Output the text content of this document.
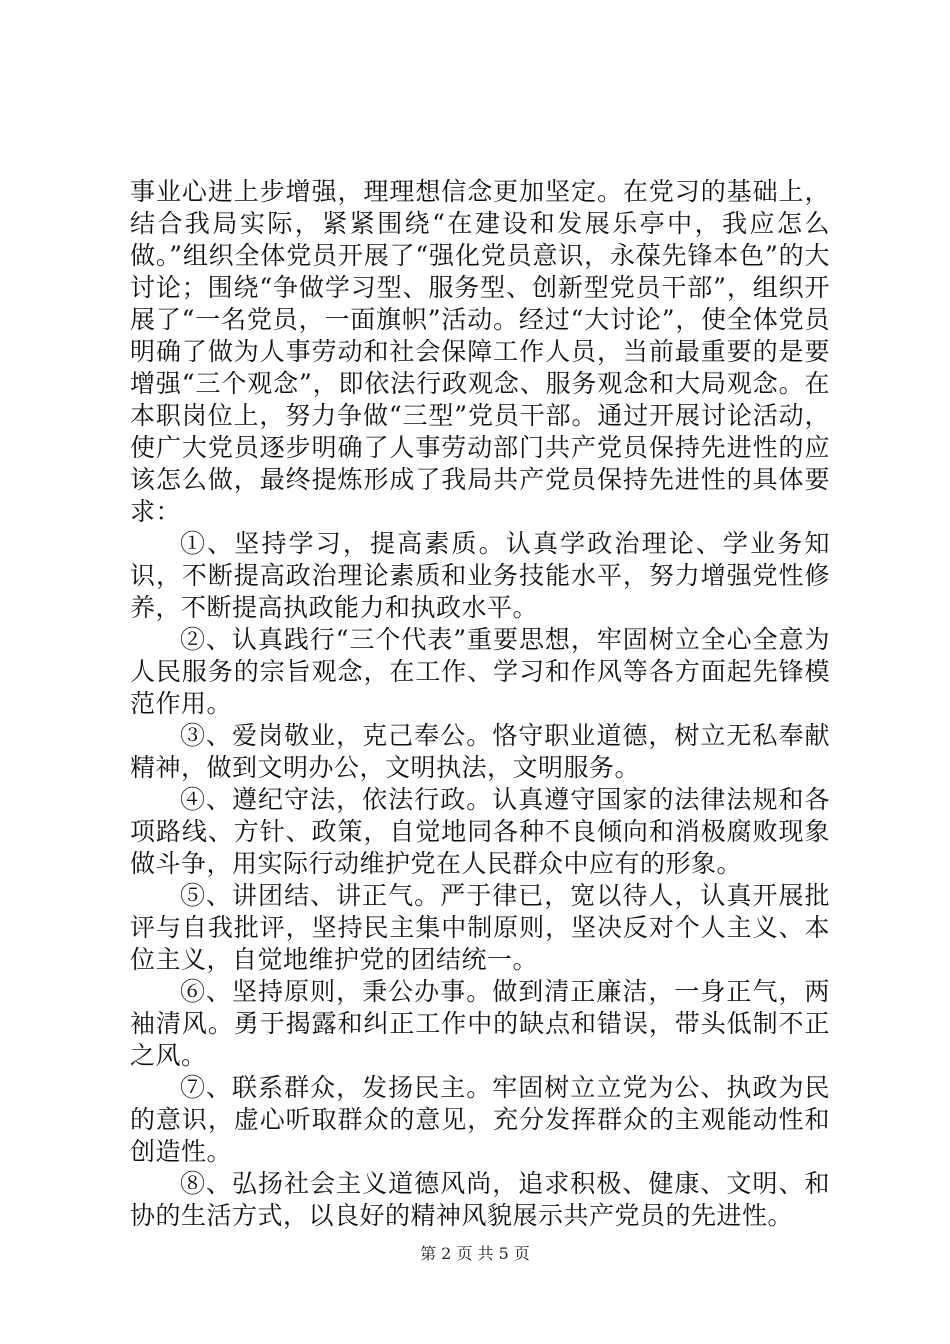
事业心进上步增强，理理想信念更加坚定。在党习的基础上，结合我局实际，紧紧围绕“在建设和发展乐亭中，我应怎么做。”组织全体党员开展了“强化党员意识，永葆先锋本色”的大讨论；围绕“争做学习型、服务型、创新型党员干部”，组织开展了“一名党员，一面旗帜”活动。经过“大讨论”，使全体党员明确了做为人事劳动和社会保障工作人员，当前最重要的是要增强“三个观念”，即依法行政观念、服务观念和大局观念。在本职岗位上，努力争做“三型”党员干部。通过开展讨论活动，使广大党员逐步明确了人事劳动部门共产党员保持先进性的应该怎么做，最终提炼形成了我局共产党员保持先进性的具体要求：

①、坚持学习，提高素质。认真学政治理论、学业务知识，不断提高政治理论素质和业务技能水平，努力增强党性修养，不断提高执政能力和执政水平。

②、认真践行“三个代表”重要思想，牢固树立全心全意为人民服务的宗旨观念，在工作、学习和作风等各方面起先锋模范作用。

③、爱岗敬业，克己奉公。恪守职业道德，树立无私奉献精神，做到文明办公，文明执法，文明服务。

④、遵纪守法，依法行政。认真遵守国家的法律法规和各项路线、方针、政策，自觉地同各种不良倾向和消极腐败现象做斗争，用实际行动维护党在人民群众中应有的形象。

⑤、讲团结、讲正气。严于律已，宽以待人，认真开展批评与自我批评，坚持民主集中制原则，坚决反对个人主义、本位主义，自觉地维护党的团结统一。

⑥、坚持原则，秉公办事。做到清正廉洁，一身正气，两袖清风。勇于揭露和纠正工作中的缺点和错误，带头低制不正之风。

⑦、联系群众，发扬民主。牢固树立立党为公、执政为民的意识，虚心听取群众的意见，充分发挥群众的主观能动性和创造性。

⑧、弘扬社会主义道德风尚，追求积极、健康、文明、和协的生活方式，以良好的精神风貌展示共产党员的先进性。

第 2 页 共 5 页
